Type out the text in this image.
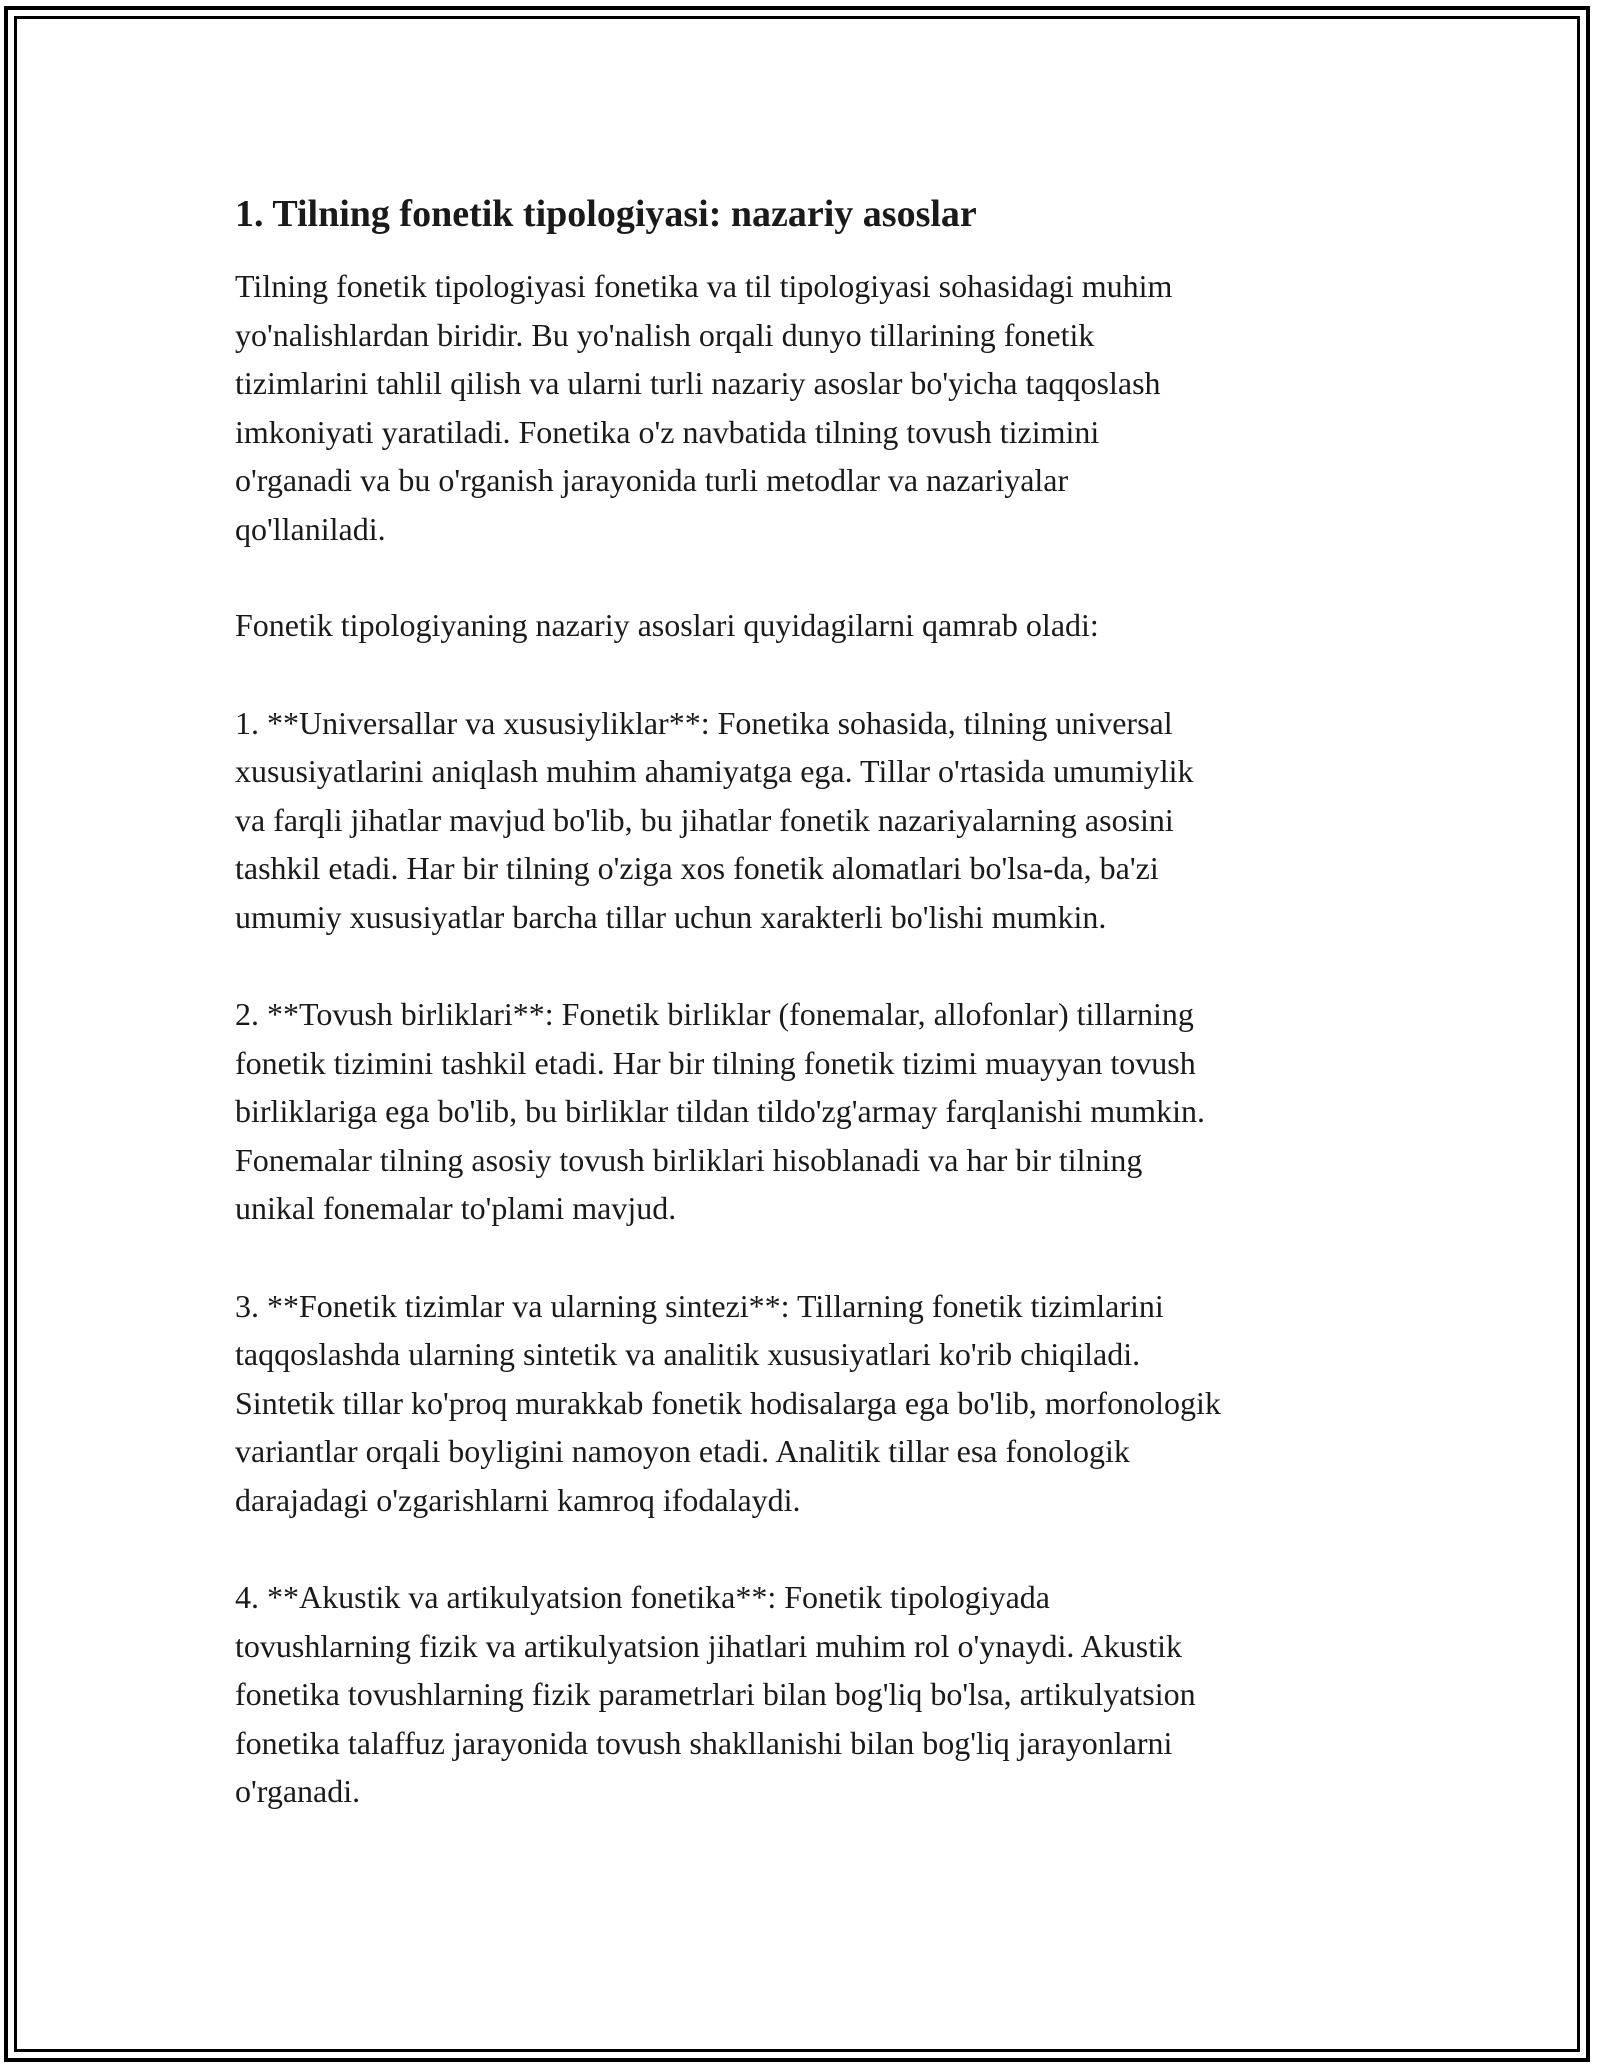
1. Tilning fonetik tipologiyasi: nazariy asoslar

Tilning fonetik tipologiyasi fonetika va til tipologiyasi sohasidagi muhim
yo'nalishlardan biridir. Bu yo'nalish orqali dunyo tillarining fonetik
tizimlarini tahlil qilish va ularni turli nazariy asoslar bo'yicha taqqoslash
imkoniyati yaratiladi. Fonetika o'z navbatida tilning tovush tizimini
o'rganadi va bu o'rganish jarayonida turli metodlar va nazariyalar
qo'llaniladi.

Fonetik tipologiyaning nazariy asoslari quyidagilarni qamrab oladi:

1. **Universallar va xususiyliklar**: Fonetika sohasida, tilning universal
xususiyatlarini aniqlash muhim ahamiyatga ega. Tillar o'rtasida umumiylik
va farqli jihatlar mavjud bo'lib, bu jihatlar fonetik nazariyalarning asosini
tashkil etadi. Har bir tilning o'ziga xos fonetik alomatlari bo'lsa-da, ba'zi
umumiy xususiyatlar barcha tillar uchun xarakterli bo'lishi mumkin.

2. **Tovush birliklari**: Fonetik birliklar (fonemalar, allofonlar) tillarning
fonetik tizimini tashkil etadi. Har bir tilning fonetik tizimi muayyan tovush
birliklariga ega bo'lib, bu birliklar tildan tildo'zg'armay farqlanishi mumkin.
Fonemalar tilning asosiy tovush birliklari hisoblanadi va har bir tilning
unikal fonemalar to'plami mavjud.

3. **Fonetik tizimlar va ularning sintezi**: Tillarning fonetik tizimlarini
taqqoslashda ularning sintetik va analitik xususiyatlari ko'rib chiqiladi.
Sintetik tillar ko'proq murakkab fonetik hodisalarga ega bo'lib, morfonologik
variantlar orqali boyligini namoyon etadi. Analitik tillar esa fonologik
darajadagi o'zgarishlarni kamroq ifodalaydi.

4. **Akustik va artikulyatsion fonetika**: Fonetik tipologiyada
tovushlarning fizik va artikulyatsion jihatlari muhim rol o'ynaydi. Akustik
fonetika tovushlarning fizik parametrlari bilan bog'liq bo'lsa, artikulyatsion
fonetika talaffuz jarayonida tovush shakllanishi bilan bog'liq jarayonlarni
o'rganadi.
